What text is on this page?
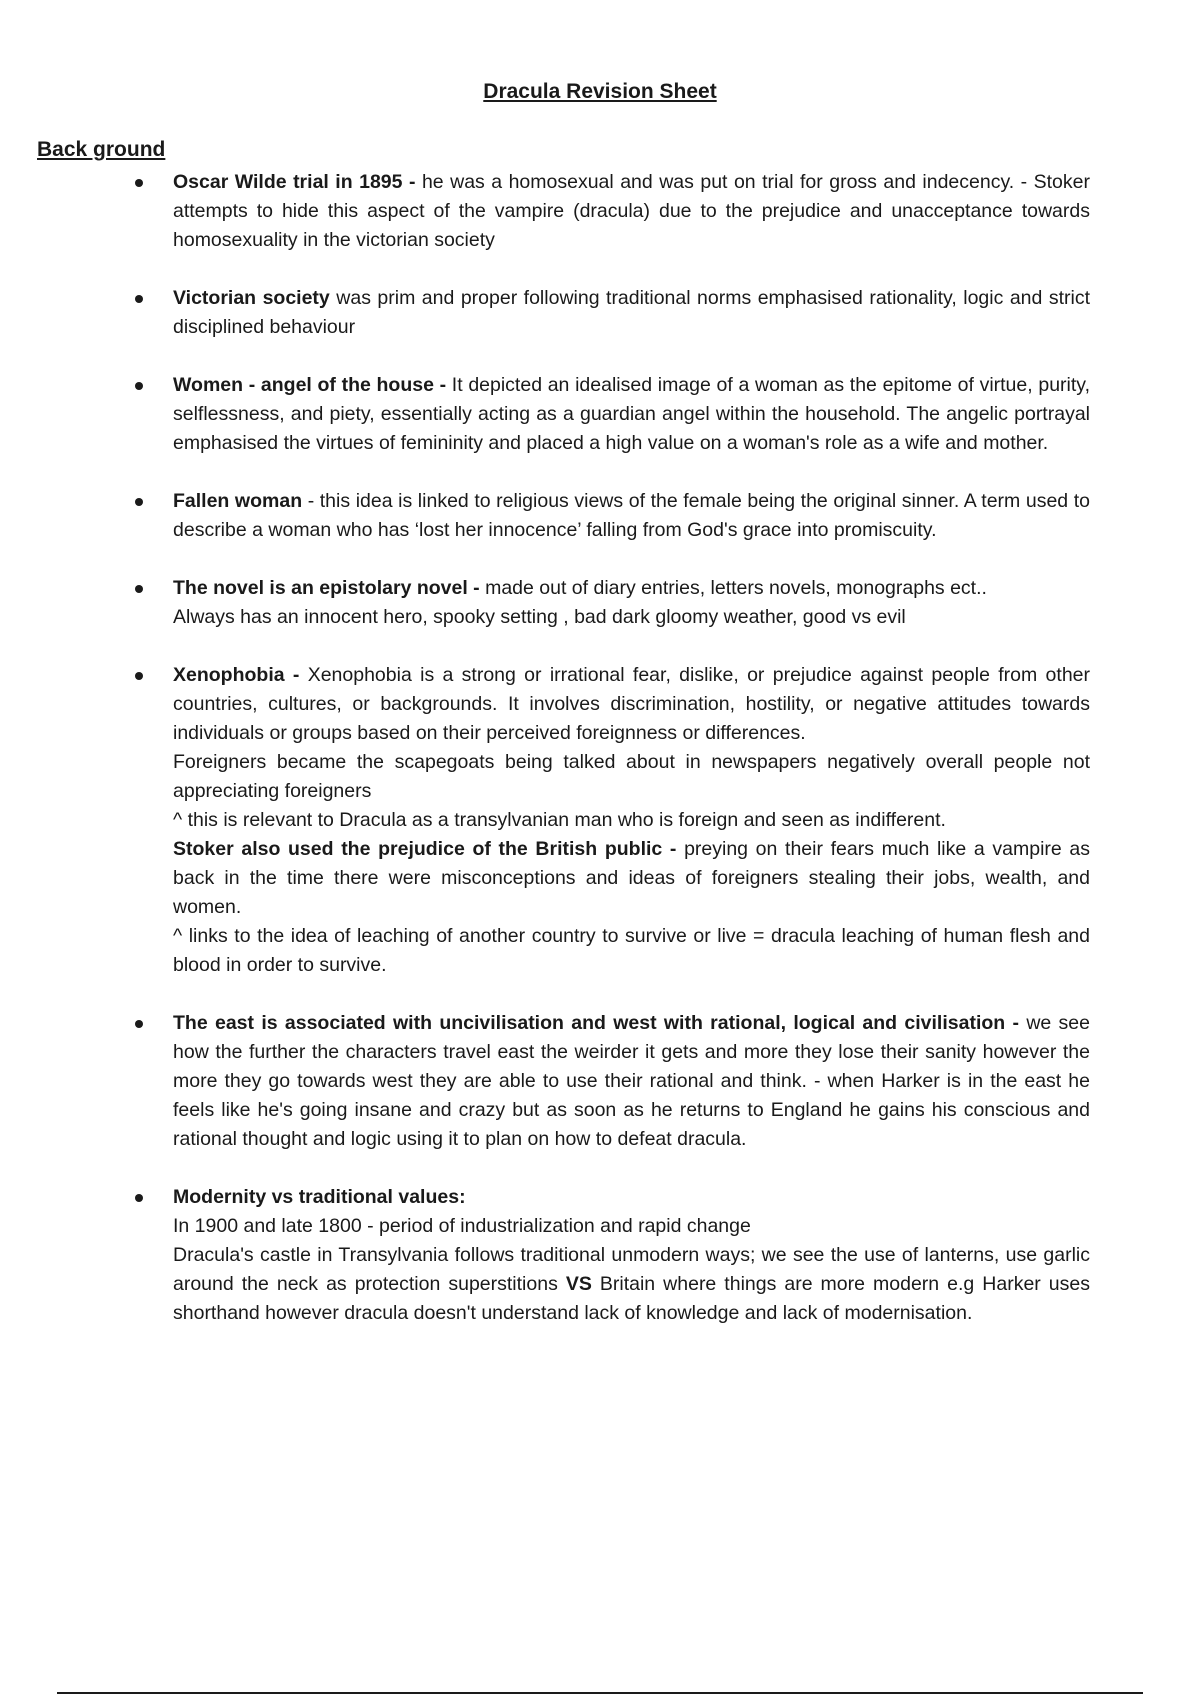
Dracula Revision Sheet
Back ground
Oscar Wilde trial in 1895 - he was a homosexual and was put on trial for gross and indecency. - Stoker attempts to hide this aspect of the vampire (dracula) due to the prejudice and unacceptance towards homosexuality in the victorian society
Victorian society was prim and proper following traditional norms emphasised rationality, logic and strict disciplined behaviour
Women - angel of the house - It depicted an idealised image of a woman as the epitome of virtue, purity, selflessness, and piety, essentially acting as a guardian angel within the household. The angelic portrayal emphasised the virtues of femininity and placed a high value on a woman's role as a wife and mother.
Fallen woman - this idea is linked to religious views of the female being the original sinner. A term used to describe a woman who has ‘lost her innocence’ falling from God's grace into promiscuity.
The novel is an epistolary novel - made out of diary entries, letters novels, monographs ect..
Always has an innocent hero, spooky setting , bad dark gloomy weather, good vs evil
Xenophobia - Xenophobia is a strong or irrational fear, dislike, or prejudice against people from other countries, cultures, or backgrounds. It involves discrimination, hostility, or negative attitudes towards individuals or groups based on their perceived foreignness or differences.
Foreigners became the scapegoats being talked about in newspapers negatively overall people not appreciating foreigners
^ this is relevant to Dracula as a transylvanian man who is foreign and seen as indifferent.
Stoker also used the prejudice of the British public - preying on their fears much like a vampire as back in the time there were misconceptions and ideas of foreigners stealing their jobs, wealth, and women.
^ links to the idea of leaching of another country to survive or live = dracula leaching of human flesh and blood in order to survive.
The east is associated with uncivilisation and west with rational, logical and civilisation - we see how the further the characters travel east the weirder it gets and more they lose their sanity however the more they go towards west they are able to use their rational and think. - when Harker is in the east he feels like he's going insane and crazy but as soon as he returns to England he gains his conscious and rational thought and logic using it to plan on how to defeat dracula.
Modernity vs traditional values:
In 1900 and late 1800 - period of industrialization and rapid change
Dracula's castle in Transylvania follows traditional unmodern ways; we see the use of lanterns, use garlic around the neck as protection superstitions VS Britain where things are more modern e.g Harker uses shorthand however dracula doesn't understand lack of knowledge and lack of modernisation.
